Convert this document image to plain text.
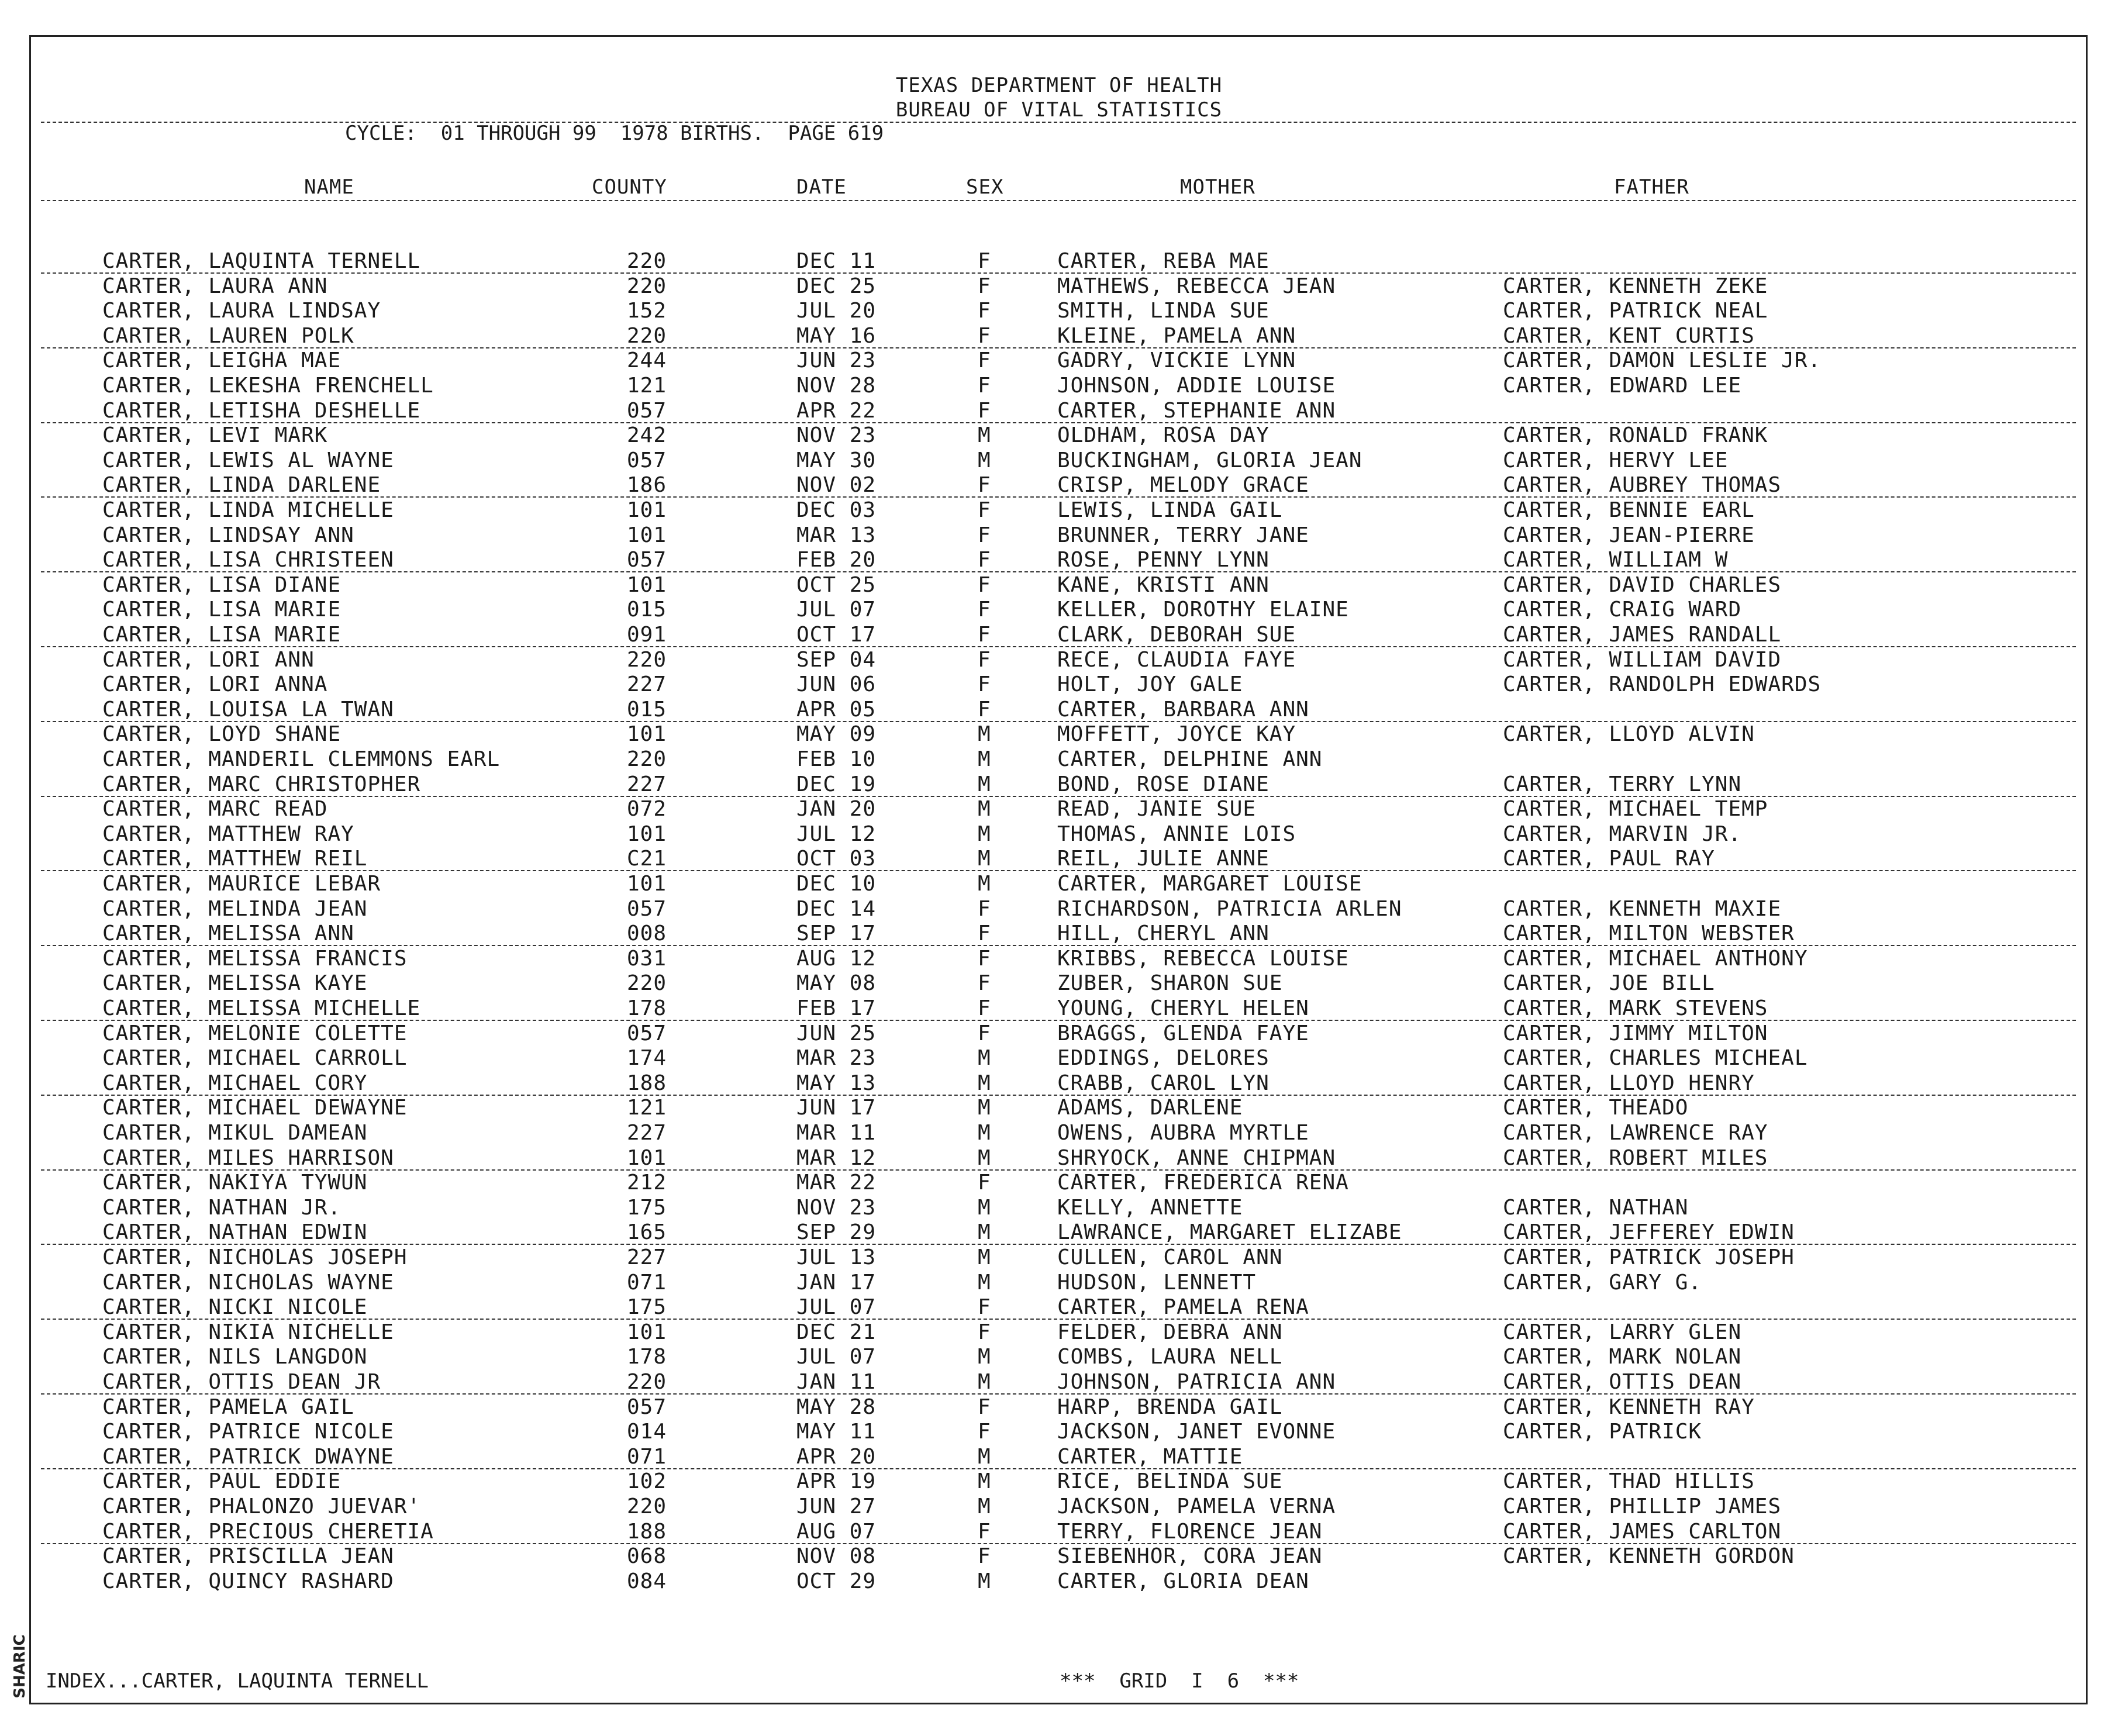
SHARIC
TEXAS DEPARTMENT OF HEALTH
BUREAU OF VITAL STATISTICS
CYCLE:  01 THROUGH 99  1978 BIRTHS.  PAGE 619
NAME	COUNTY	DATE	SEX	MOTHER	FATHER
CARTER, LAQUINTA TERNELL	220	DEC 11	F	CARTER, REBA MAE
CARTER, LAURA ANN	220	DEC 25	F	MATHEWS, REBECCA JEAN	CARTER, KENNETH ZEKE
CARTER, LAURA LINDSAY	152	JUL 20	F	SMITH, LINDA SUE	CARTER, PATRICK NEAL
CARTER, LAUREN POLK	220	MAY 16	F	KLEINE, PAMELA ANN	CARTER, KENT CURTIS
CARTER, LEIGHA MAE	244	JUN 23	F	GADRY, VICKIE LYNN	CARTER, DAMON LESLIE JR.
CARTER, LEKESHA FRENCHELL	121	NOV 28	F	JOHNSON, ADDIE LOUISE	CARTER, EDWARD LEE
CARTER, LETISHA DESHELLE	057	APR 22	F	CARTER, STEPHANIE ANN
CARTER, LEVI MARK	242	NOV 23	M	OLDHAM, ROSA DAY	CARTER, RONALD FRANK
CARTER, LEWIS AL WAYNE	057	MAY 30	M	BUCKINGHAM, GLORIA JEAN	CARTER, HERVY LEE
CARTER, LINDA DARLENE	186	NOV 02	F	CRISP, MELODY GRACE	CARTER, AUBREY THOMAS
CARTER, LINDA MICHELLE	101	DEC 03	F	LEWIS, LINDA GAIL	CARTER, BENNIE EARL
CARTER, LINDSAY ANN	101	MAR 13	F	BRUNNER, TERRY JANE	CARTER, JEAN-PIERRE
CARTER, LISA CHRISTEEN	057	FEB 20	F	ROSE, PENNY LYNN	CARTER, WILLIAM W
CARTER, LISA DIANE	101	OCT 25	F	KANE, KRISTI ANN	CARTER, DAVID CHARLES
CARTER, LISA MARIE	015	JUL 07	F	KELLER, DOROTHY ELAINE	CARTER, CRAIG WARD
CARTER, LISA MARIE	091	OCT 17	F	CLARK, DEBORAH SUE	CARTER, JAMES RANDALL
CARTER, LORI ANN	220	SEP 04	F	RECE, CLAUDIA FAYE	CARTER, WILLIAM DAVID
CARTER, LORI ANNA	227	JUN 06	F	HOLT, JOY GALE	CARTER, RANDOLPH EDWARDS
CARTER, LOUISA LA TWAN	015	APR 05	F	CARTER, BARBARA ANN
CARTER, LOYD SHANE	101	MAY 09	M	MOFFETT, JOYCE KAY	CARTER, LLOYD ALVIN
CARTER, MANDERIL CLEMMONS EARL	220	FEB 10	M	CARTER, DELPHINE ANN
CARTER, MARC CHRISTOPHER	227	DEC 19	M	BOND, ROSE DIANE	CARTER, TERRY LYNN
CARTER, MARC READ	072	JAN 20	M	READ, JANIE SUE	CARTER, MICHAEL TEMP
CARTER, MATTHEW RAY	101	JUL 12	M	THOMAS, ANNIE LOIS	CARTER, MARVIN JR.
CARTER, MATTHEW REIL	C21	OCT 03	M	REIL, JULIE ANNE	CARTER, PAUL RAY
CARTER, MAURICE LEBAR	101	DEC 10	M	CARTER, MARGARET LOUISE
CARTER, MELINDA JEAN	057	DEC 14	F	RICHARDSON, PATRICIA ARLEN	CARTER, KENNETH MAXIE
CARTER, MELISSA ANN	008	SEP 17	F	HILL, CHERYL ANN	CARTER, MILTON WEBSTER
CARTER, MELISSA FRANCIS	031	AUG 12	F	KRIBBS, REBECCA LOUISE	CARTER, MICHAEL ANTHONY
CARTER, MELISSA KAYE	220	MAY 08	F	ZUBER, SHARON SUE	CARTER, JOE BILL
CARTER, MELISSA MICHELLE	178	FEB 17	F	YOUNG, CHERYL HELEN	CARTER, MARK STEVENS
CARTER, MELONIE COLETTE	057	JUN 25	F	BRAGGS, GLENDA FAYE	CARTER, JIMMY MILTON
CARTER, MICHAEL CARROLL	174	MAR 23	M	EDDINGS, DELORES	CARTER, CHARLES MICHEAL
CARTER, MICHAEL CORY	188	MAY 13	M	CRABB, CAROL LYN	CARTER, LLOYD HENRY
CARTER, MICHAEL DEWAYNE	121	JUN 17	M	ADAMS, DARLENE	CARTER, THEADO
CARTER, MIKUL DAMEAN	227	MAR 11	M	OWENS, AUBRA MYRTLE	CARTER, LAWRENCE RAY
CARTER, MILES HARRISON	101	MAR 12	M	SHRYOCK, ANNE CHIPMAN	CARTER, ROBERT MILES
CARTER, NAKIYA TYWUN	212	MAR 22	F	CARTER, FREDERICA RENA
CARTER, NATHAN JR.	175	NOV 23	M	KELLY, ANNETTE	CARTER, NATHAN
CARTER, NATHAN EDWIN	165	SEP 29	M	LAWRANCE, MARGARET ELIZABE	CARTER, JEFFEREY EDWIN
CARTER, NICHOLAS JOSEPH	227	JUL 13	M	CULLEN, CAROL ANN	CARTER, PATRICK JOSEPH
CARTER, NICHOLAS WAYNE	071	JAN 17	M	HUDSON, LENNETT	CARTER, GARY G.
CARTER, NICKI NICOLE	175	JUL 07	F	CARTER, PAMELA RENA
CARTER, NIKIA NICHELLE	101	DEC 21	F	FELDER, DEBRA ANN	CARTER, LARRY GLEN
CARTER, NILS LANGDON	178	JUL 07	M	COMBS, LAURA NELL	CARTER, MARK NOLAN
CARTER, OTTIS DEAN JR	220	JAN 11	M	JOHNSON, PATRICIA ANN	CARTER, OTTIS DEAN
CARTER, PAMELA GAIL	057	MAY 28	F	HARP, BRENDA GAIL	CARTER, KENNETH RAY
CARTER, PATRICE NICOLE	014	MAY 11	F	JACKSON, JANET EVONNE	CARTER, PATRICK
CARTER, PATRICK DWAYNE	071	APR 20	M	CARTER, MATTIE
CARTER, PAUL EDDIE	102	APR 19	M	RICE, BELINDA SUE	CARTER, THAD HILLIS
CARTER, PHALONZO JUEVAR'	220	JUN 27	M	JACKSON, PAMELA VERNA	CARTER, PHILLIP JAMES
CARTER, PRECIOUS CHERETIA	188	AUG 07	F	TERRY, FLORENCE JEAN	CARTER, JAMES CARLTON
CARTER, PRISCILLA JEAN	068	NOV 08	F	SIEBENHOR, CORA JEAN	CARTER, KENNETH GORDON
CARTER, QUINCY RASHARD	084	OCT 29	M	CARTER, GLORIA DEAN
INDEX...CARTER, LAQUINTA TERNELL	***  GRID  I  6  ***
